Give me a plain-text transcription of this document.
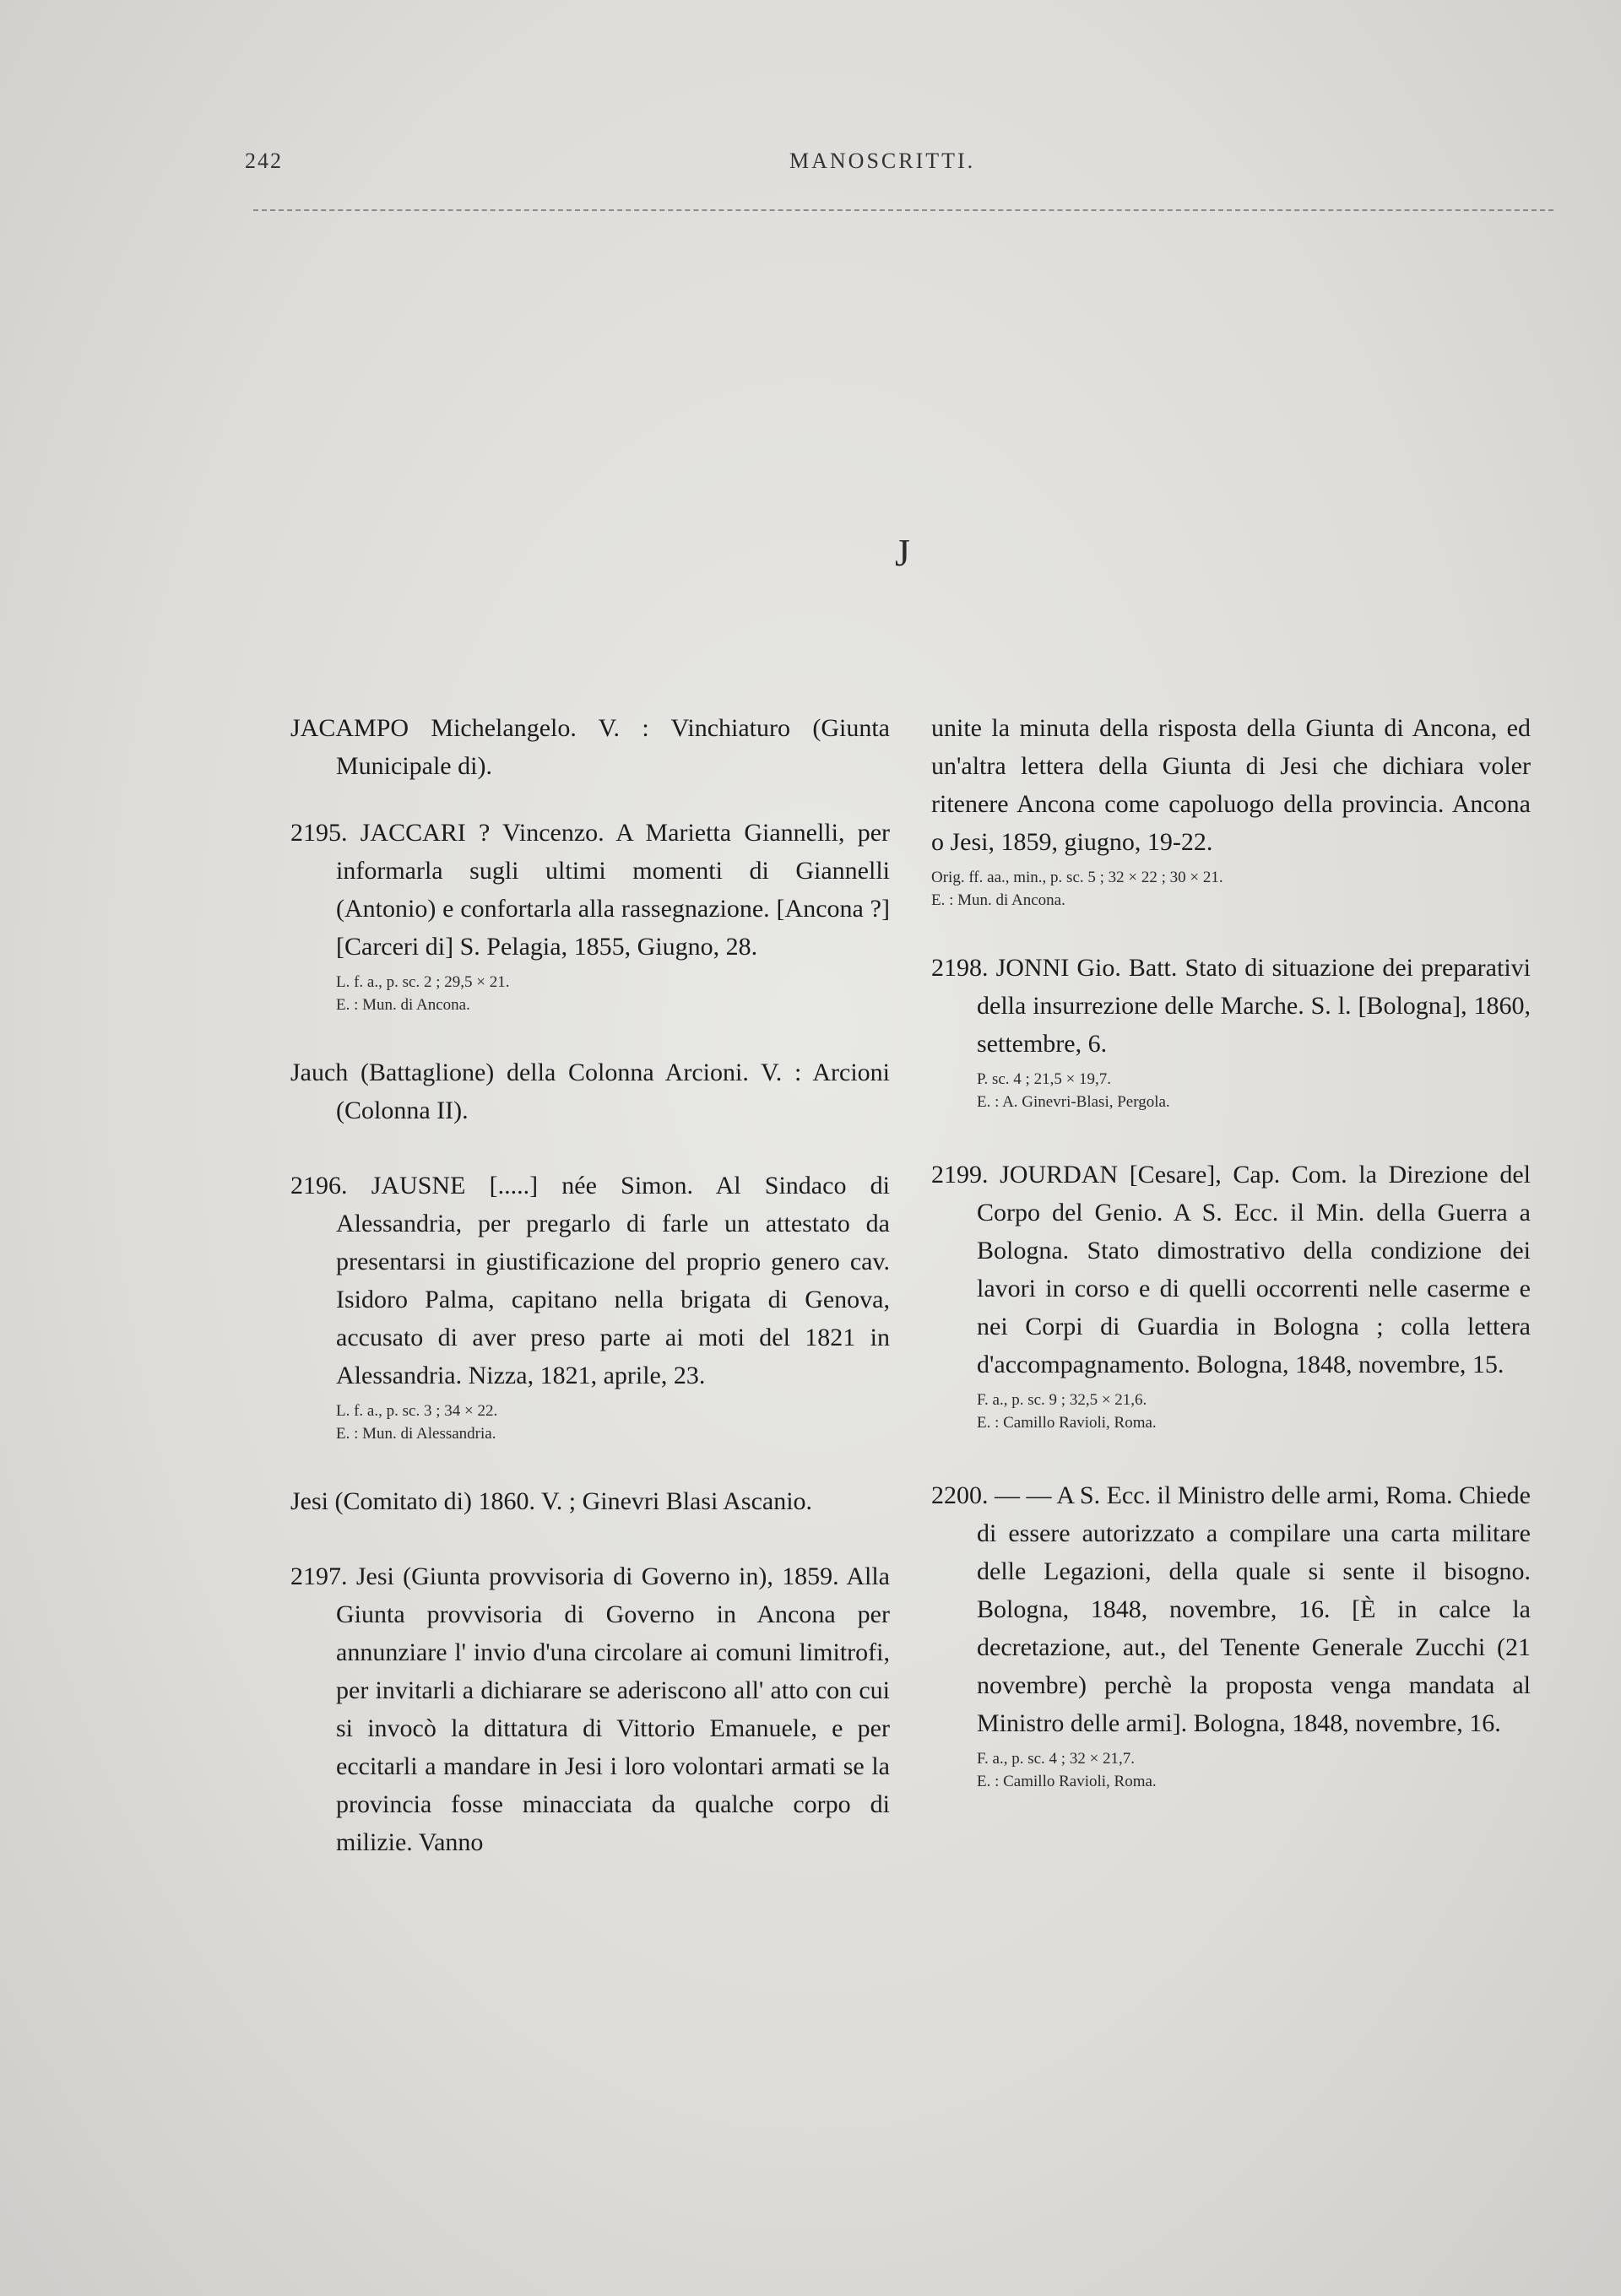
242	MANOSCRITTI.
J

JACAMPO Michelangelo. V. : Vinchiaturo (Giunta Municipale di).

2195. JACCARI ? Vincenzo. A Marietta Giannelli, per informarla sugli ultimi momenti di Giannelli (Antonio) e confortarla alla rassegnazione. [Ancona ?] [Carceri di] S. Pelagia, 1855, Giugno, 28.

L. f. a., p. sc. 2 ; 29,5 × 21.
E. : Mun. di Ancona.

Jauch (Battaglione) della Colonna Arcioni. V. : Arcioni (Colonna II).

2196. JAUSNE [.....] née Simon. Al Sindaco di Alessandria, per pregarlo di farle un attestato da presentarsi in giustificazione del proprio genero cav. Isidoro Palma, capitano nella brigata di Genova, accusato di aver preso parte ai moti del 1821 in Alessandria. Nizza, 1821, aprile, 23.

L. f. a., p. sc. 3 ; 34 × 22.
E. : Mun. di Alessandria.

Jesi (Comitato di) 1860. V. ; Ginevri Blasi Ascanio.

2197. Jesi (Giunta provvisoria di Governo in), 1859. Alla Giunta provvisoria di Governo in Ancona per annunziare l' invio d'una circolare ai comuni limitrofi, per invitarli a dichiarare se aderiscono all' atto con cui si invocò la dittatura di Vittorio Emanuele, e per eccitarli a mandare in Jesi i loro volontari armati se la provincia fosse minacciata da qualche corpo di milizie. Vanno

unite la minuta della risposta della Giunta di Ancona, ed un'altra lettera della Giunta di Jesi che dichiara voler ritenere Ancona come capoluogo della provincia. Ancona o Jesi, 1859, giugno, 19-22.

Orig. ff. aa., min., p. sc. 5 ; 32 × 22 ; 30 × 21.
E. : Mun. di Ancona.

2198. JONNI Gio. Batt. Stato di situazione dei preparativi della insurrezione delle Marche. S. l. [Bologna], 1860, settembre, 6.

P. sc. 4 ; 21,5 × 19,7.
E. : A. Ginevri-Blasi, Pergola.

2199. JOURDAN [Cesare], Cap. Com. la Direzione del Corpo del Genio. A S. Ecc. il Min. della Guerra a Bologna. Stato dimostrativo della condizione dei lavori in corso e di quelli occorrenti nelle caserme e nei Corpi di Guardia in Bologna ; colla lettera d'accompagnamento. Bologna, 1848, novembre, 15.

F. a., p. sc. 9 ; 32,5 × 21,6.
E. : Camillo Ravioli, Roma.

2200. — — A S. Ecc. il Ministro delle armi, Roma. Chiede di essere autorizzato a compilare una carta militare delle Legazioni, della quale si sente il bisogno. Bologna, 1848, novembre, 16. [È in calce la decretazione, aut., del Tenente Generale Zucchi (21 novembre) perchè la proposta venga mandata al Ministro delle armi]. Bologna, 1848, novembre, 16.

F. a., p. sc. 4 ; 32 × 21,7.
E. : Camillo Ravioli, Roma.
